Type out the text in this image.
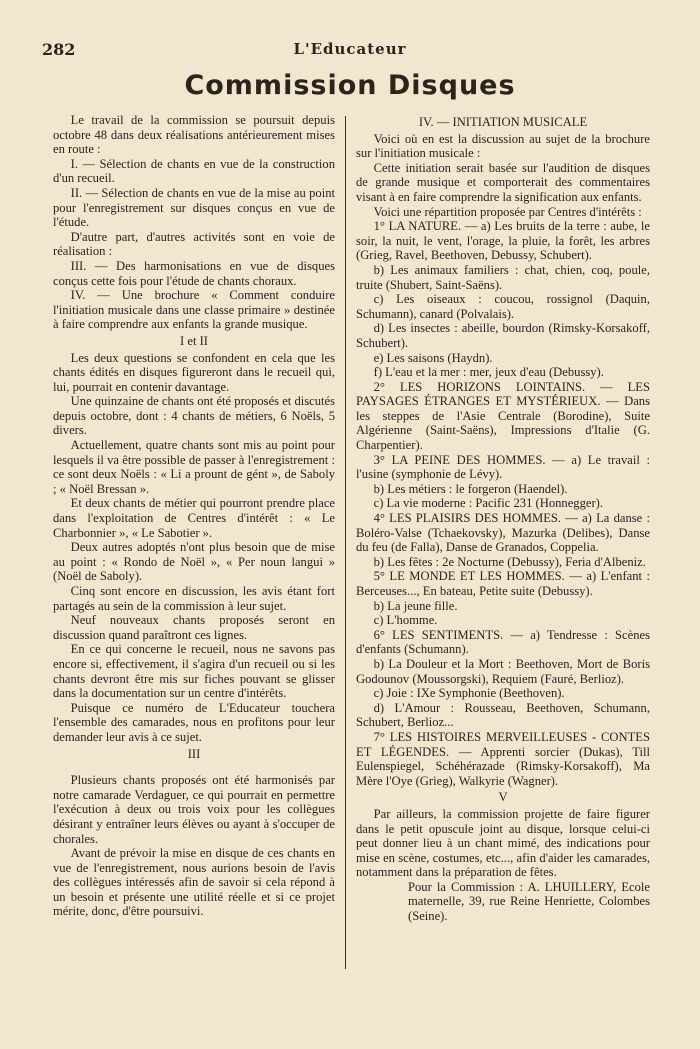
282	L'Educateur
Commission Disques

Le travail de la commission se poursuit depuis octobre 48 dans deux réalisations antérieurement mises en route :

I. — Sélection de chants en vue de la construction d'un recueil.

II. — Sélection de chants en vue de la mise au point pour l'enregistrement sur disques conçus en vue de l'étude.

D'autre part, d'autres activités sont en voie de réalisation :

III. — Des harmonisations en vue de disques conçus cette fois pour l'étude de chants choraux.

IV. — Une brochure « Comment conduire l'initiation musicale dans une classe primaire » destinée à faire comprendre aux enfants la grande musique.

I et II

Les deux questions se confondent en cela que les chants édités en disques figureront dans le recueil qui, lui, pourrait en contenir davantage.

Une quinzaine de chants ont été proposés et discutés depuis octobre, dont : 4 chants de métiers, 6 Noëls, 5 divers.

Actuellement, quatre chants sont mis au point pour lesquels il va être possible de passer à l'enregistrement : ce sont deux Noëls : « Li a prount de gént », de Saboly ; « Noël Bressan ».

Et deux chants de métier qui pourront prendre place dans l'exploitation de Centres d'intérêt : « Le Charbonnier », « Le Sabotier ».

Deux autres adoptés n'ont plus besoin que de mise au point : « Rondo de Noël », « Per noun langui » (Noël de Saboly).

Cinq sont encore en discussion, les avis étant fort partagés au sein de la commission à leur sujet.

Neuf nouveaux chants proposés seront en discussion quand paraîtront ces lignes.

En ce qui concerne le recueil, nous ne savons pas encore si, effectivement, il s'agira d'un recueil ou si les chants devront être mis sur fiches pouvant se glisser dans la documentation sur un centre d'intérêts.

Puisque ce numéro de L'Educateur touchera l'ensemble des camarades, nous en profitons pour leur demander leur avis à ce sujet.

III

Plusieurs chants proposés ont été harmonisés par notre camarade Verdaguer, ce qui pourrait en permettre l'exécution à deux ou trois voix pour les collègues désirant y entraîner leurs élèves ou ayant à s'occuper de chorales.

Avant de prévoir la mise en disque de ces chants en vue de l'enregistrement, nous aurions besoin de l'avis des collègues intéressés afin de savoir si cela répond à un besoin et présente une utilité réelle et si ce projet mérite, donc, d'être poursuivi.

IV. — INITIATION MUSICALE

Voici où en est la discussion au sujet de la brochure sur l'initiation musicale :

Cette initiation serait basée sur l'audition de disques de grande musique et comporterait des commentaires visant à en faire comprendre la signification aux enfants.

Voici une répartition proposée par Centres d'intérêts :

1° LA NATURE. — a) Les bruits de la terre : aube, le soir, la nuit, le vent, l'orage, la pluie, la forêt, les arbres (Grieg, Ravel, Beethoven, Debussy, Schubert).

b) Les animaux familiers : chat, chien, coq, poule, truite (Shubert, Saint-Saëns).

c) Les oiseaux : coucou, rossignol (Daquin, Schumann), canard (Polvalais).

d) Les insectes : abeille, bourdon (Rimsky-Korsakoff, Schubert).

e) Les saisons (Haydn).

f) L'eau et la mer : mer, jeux d'eau (Debussy).

2° LES HORIZONS LOINTAINS. — LES PAYSAGES ÉTRANGES ET MYSTÉRIEUX. — Dans les steppes de l'Asie Centrale (Borodine), Suite Algérienne (Saint-Saëns), Impressions d'Italie (G. Charpentier).

3° LA PEINE DES HOMMES. — a) Le travail : l'usine (symphonie de Lévy).

b) Les métiers : le forgeron (Haendel).

c) La vie moderne : Pacific 231 (Honnegger).

4° LES PLAISIRS DES HOMMES. — a) La danse : Boléro-Valse (Tchaekovsky), Mazurka (Delibes), Danse du feu (de Falla), Danse de Granados, Coppelia.

b) Les fêtes : 2e Nocturne (Debussy), Feria d'Albeniz.

5° LE MONDE ET LES HOMMES. — a) L'enfant : Berceuses..., En bateau, Petite suite (Debussy).

b) La jeune fille.

c) L'homme.

6° LES SENTIMENTS. — a) Tendresse : Scènes d'enfants (Schumann).

b) La Douleur et la Mort : Beethoven, Mort de Boris Godounov (Moussorgski), Requiem (Fauré, Berlioz).

c) Joie : IXe Symphonie (Beethoven).

d) L'Amour : Rousseau, Beethoven, Schumann, Schubert, Berlioz...

7° LES HISTOIRES MERVEILLEUSES - CONTES ET LÉGENDES. — Apprenti sorcier (Dukas), Till Eulenspiegel, Schéhérazade (Rimsky-Korsakoff), Ma Mère l'Oye (Grieg), Walkyrie (Wagner).

V

Par ailleurs, la commission projette de faire figurer dans le petit opuscule joint au disque, lorsque celui-ci peut donner lieu à un chant mimé, des indications pour mise en scène, costumes, etc..., afin d'aider les camarades, notamment dans la préparation de fêtes.

Pour la Commission : A. LHUILLERY, Ecole maternelle, 39, rue Reine Henriette, Colombes (Seine).
